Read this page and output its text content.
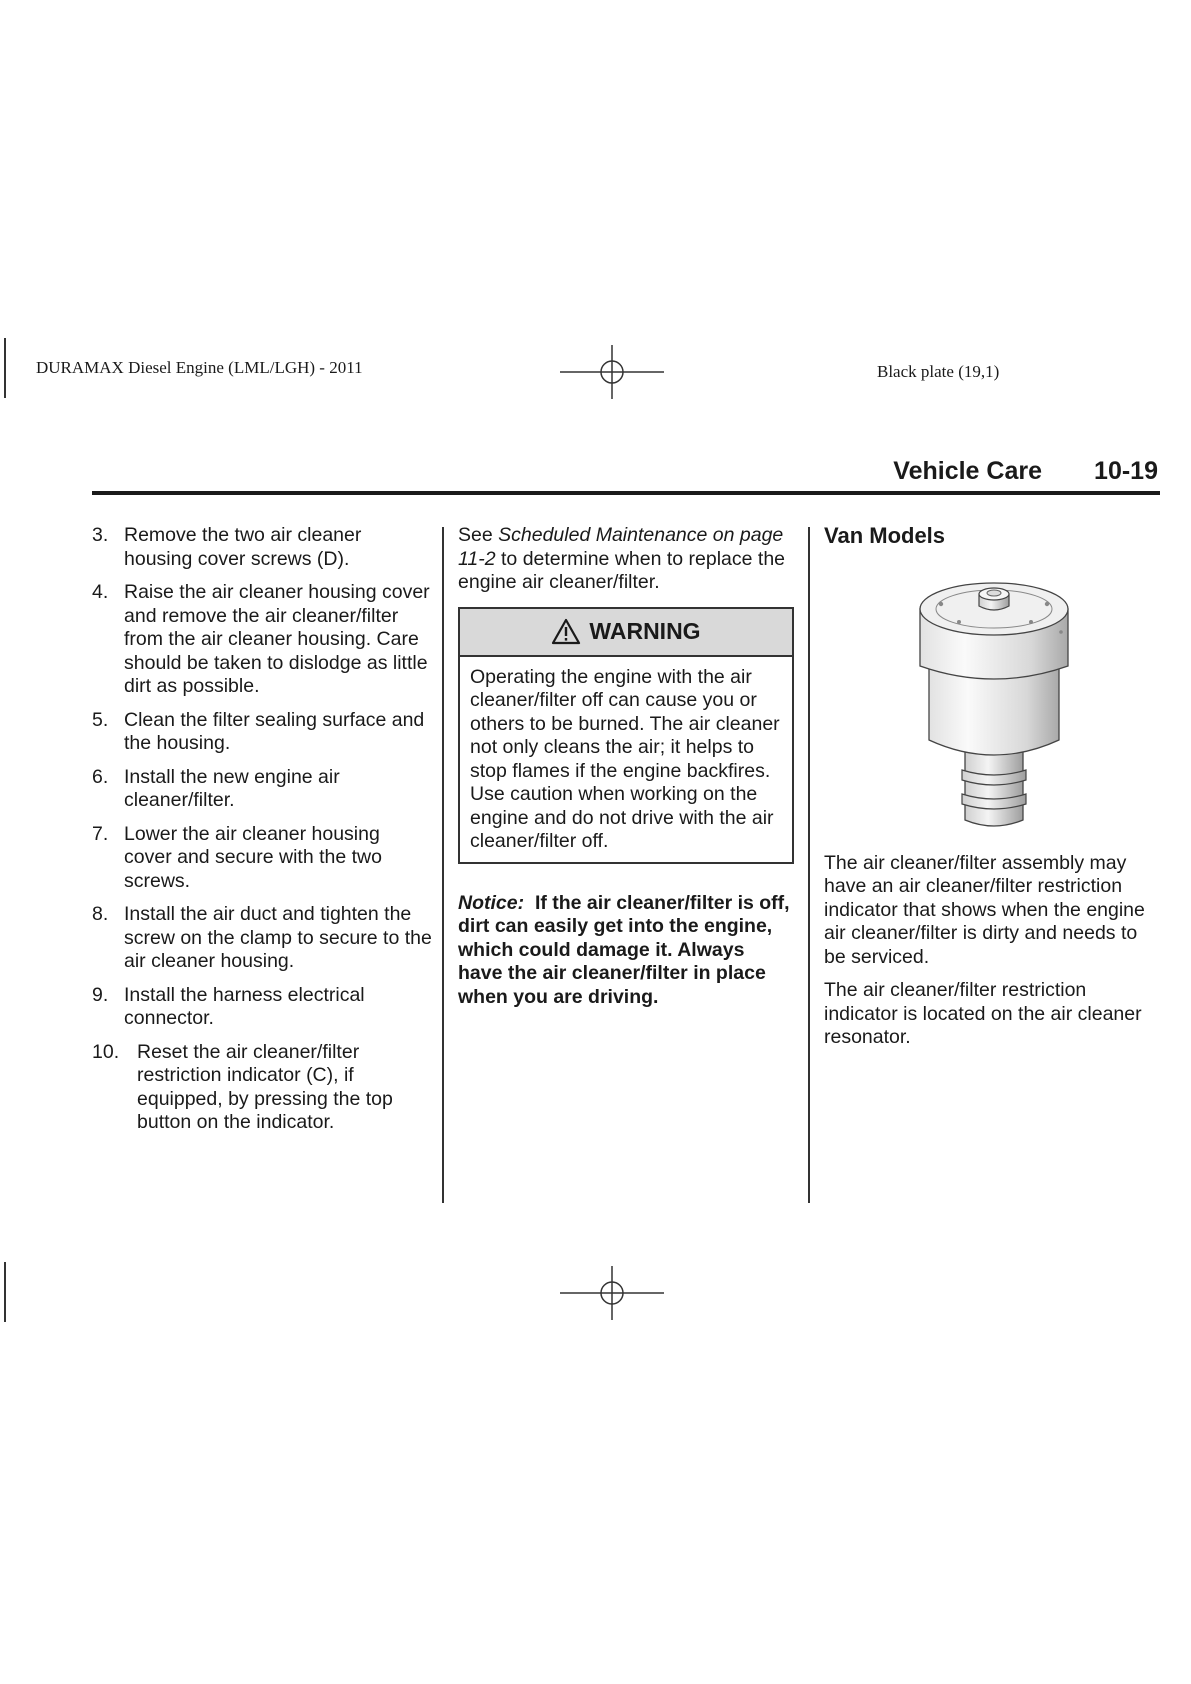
DURAMAX Diesel Engine (LML/LGH) - 2011	Black plate (19,1)
Vehicle Care 10-19
3. Remove the two air cleaner housing cover screws (D).
4. Raise the air cleaner housing cover and remove the air cleaner/filter from the air cleaner housing. Care should be taken to dislodge as little dirt as possible.
5. Clean the filter sealing surface and the housing.
6. Install the new engine air cleaner/filter.
7. Lower the air cleaner housing cover and secure with the two screws.
8. Install the air duct and tighten the screw on the clamp to secure to the air cleaner housing.
9. Install the harness electrical connector.
10. Reset the air cleaner/filter restriction indicator (C), if equipped, by pressing the top button on the indicator.

See Scheduled Maintenance on page 11-2 to determine when to replace the engine air cleaner/filter.

WARNING
Operating the engine with the air cleaner/filter off can cause you or others to be burned. The air cleaner not only cleans the air; it helps to stop flames if the engine backfires. Use caution when working on the engine and do not drive with the air cleaner/filter off.

Notice: If the air cleaner/filter is off, dirt can easily get into the engine, which could damage it. Always have the air cleaner/filter in place when you are driving.

Van Models

The air cleaner/filter assembly may have an air cleaner/filter restriction indicator that shows when the engine air cleaner/filter is dirty and needs to be serviced.

The air cleaner/filter restriction indicator is located on the air cleaner resonator.
